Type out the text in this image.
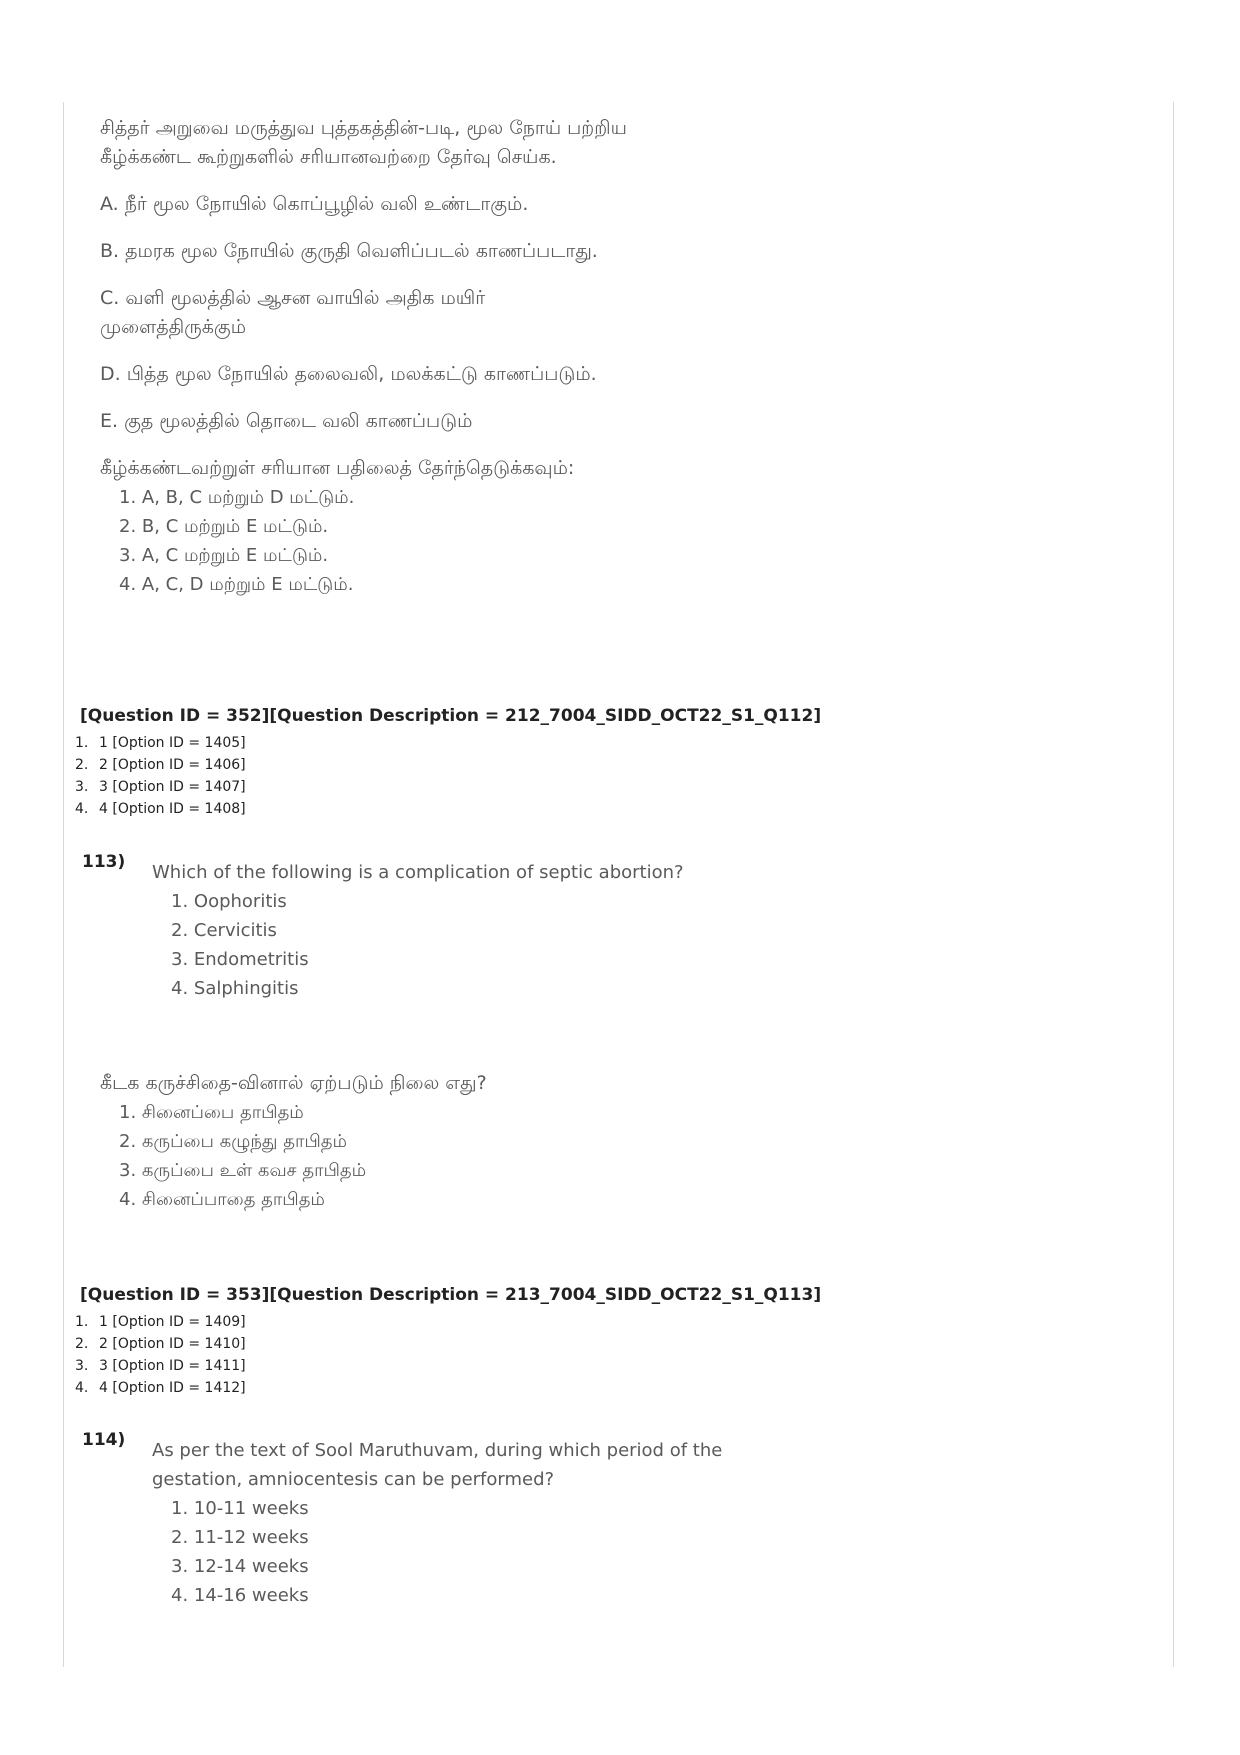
சித்தர் அறுவை மருத்துவ புத்தகத்தின்-படி, மூல நோய் பற்றிய கீழ்க்கண்ட கூற்றுகளில் சரியானவற்றை தேர்வு செய்க.

A. நீர் மூல நோயில் கொப்பூழில் வலி உண்டாகும்.

B. தமரக மூல நோயில் குருதி வெளிப்படல் காணப்படாது.

C. வளி மூலத்தில் ஆசன வாயில் அதிக மயிர் முளைத்திருக்கும்

D. பித்த மூல நோயில் தலைவலி, மலக்கட்டு காணப்படும்.

E. குத மூலத்தில் தொடை வலி காணப்படும்

கீழ்க்கண்டவற்றுள் சரியான பதிலைத் தேர்ந்தெடுக்கவும்:

1. A, B, C மற்றும் D மட்டும்.
2. B, C மற்றும் E மட்டும்.
3. A, C மற்றும் E மட்டும்.
4. A, C, D மற்றும் E மட்டும்.

[Question ID = 352][Question Description = 212_7004_SIDD_OCT22_S1_Q112]

1. 1 [Option ID = 1405]
2. 2 [Option ID = 1406]
3. 3 [Option ID = 1407]
4. 4 [Option ID = 1408]
113) Which of the following is a complication of septic abortion?

1. Oophoritis
2. Cervicitis
3. Endometritis
4. Salphingitis

கீடக கருச்சிதை-வினால் ஏற்படும் நிலை எது?

1. சினைப்பை தாபிதம்
2. கருப்பை கழுந்து தாபிதம்
3. கருப்பை உள் கவச தாபிதம்
4. சினைப்பாதை தாபிதம்

[Question ID = 353][Question Description = 213_7004_SIDD_OCT22_S1_Q113]

1. 1 [Option ID = 1409]
2. 2 [Option ID = 1410]
3. 3 [Option ID = 1411]
4. 4 [Option ID = 1412]
114) As per the text of Sool Maruthuvam, during which period of the

gestation, amniocentesis can be performed?

1. 10-11 weeks
2. 11-12 weeks
3. 12-14 weeks
4. 14-16 weeks
